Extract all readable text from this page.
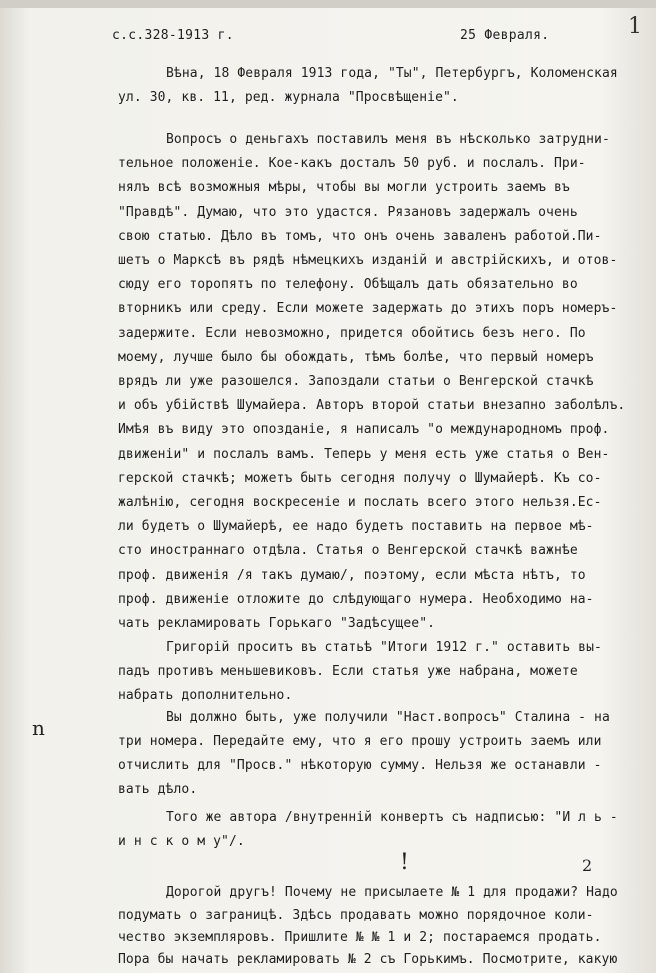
1
с.с.328-1913 г.	25 Февраля.
Вѣна, 18 Февраля 1913 года, "Ты", Петербургъ, Коломенская
ул. 30, кв. 11, ред. журнала "Просвѣщеніе".
Вопросъ о деньгахъ поставилъ меня въ нѣсколько затрудни-
тельное положеніе. Кое-какъ досталъ 50 руб. и послалъ. При-
нялъ всѣ возможныя мѣры, чтобы вы могли устроить заемъ въ
"Правдѣ". Думаю, что это удастся. Рязановъ задержалъ очень
свою статью. Дѣло въ томъ, что онъ очень заваленъ работой.Пи-
шетъ о Марксѣ въ рядѣ нѣмецкихъ изданій и австрійскихъ, и отов-
сюду его торопятъ по телефону. Обѣщалъ дать обязательно во
вторникъ или среду. Если можете задержать до этихъ поръ номеръ-
задержите. Если невозможно, придется обойтись безъ него. По
моему, лучше было бы обождать, тѣмъ болѣе, что первый номеръ
врядъ ли уже разошелся. Запоздали статьи о Венгерской стачкѣ
и объ убійствѣ Шумайера. Авторъ второй статьи внезапно заболѣлъ.
Имѣя въ виду это опозданіе, я написалъ "о международномъ проф.
движеніи" и послалъ вамъ. Теперь у меня есть уже статья о Вен-
герской стачкѣ; можетъ быть сегодня получу о Шумайерѣ. Къ со-
жалѣнію, сегодня воскресеніе и послать всего этого нельзя.Ес-
ли будетъ о Шумайерѣ, ее надо будетъ поставить на первое мѣ-
сто иностраннаго отдѣла. Статья о Венгерской стачкѣ важнѣе
проф. движенія /я такъ думаю/, поэтому, если мѣста нѣтъ, то
проф. движеніе отложите до слѣдующаго нумера. Необходимо на-
чать рекламировать Горькаго "Задѣсущее".
Григорій проситъ въ статьѣ "Итоги 1912 г." оставить вы-
падъ противъ меньшевиковъ. Если статья уже набрана, можете
набрать дополнительно.
Вы должно быть, уже получили "Наст.вопросъ" Сталина - на
три номера. Передайте ему, что я его прошу устроить заемъ или
отчислить для "Просв." нѣкоторую сумму. Нельзя же останавли -
вать дѣло.
Того же автора /внутренній конвертъ съ надписью: "И л ь -
и н с к о м у"/.
Дорогой другъ! Почему не присылаете № 1 для продажи? Надо
подумать о заграницѣ. Здѣсь продавать можно порядочное коли-
чество экземпляровъ. Пришлите № № 1 и 2; постараемся продать.
Пора бы начать рекламировать № 2 съ Горькимъ. Посмотрите, какую
n
!	2
